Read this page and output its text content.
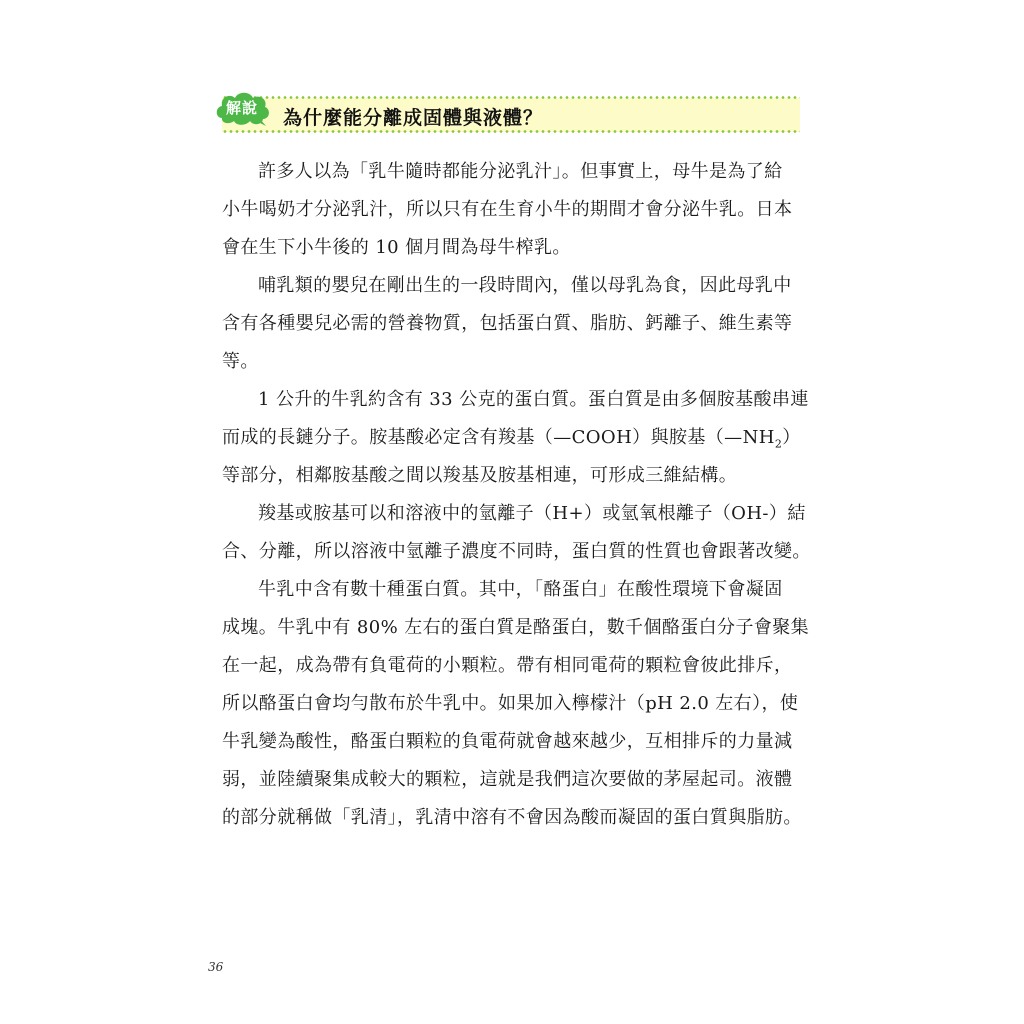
解說	為什麼能分離成固體與液體？
許多人以為「乳牛隨時都能分泌乳汁」。但事實上，母牛是為了給
小牛喝奶才分泌乳汁，所以只有在生育小牛的期間才會分泌牛乳。日本
會在生下小牛後的 10 個月間為母牛榨乳。
哺乳類的嬰兒在剛出生的一段時間內，僅以母乳為食，因此母乳中
含有各種嬰兒必需的營養物質，包括蛋白質、脂肪、鈣離子、維生素等
等。
1 公升的牛乳約含有 33 公克的蛋白質。蛋白質是由多個胺基酸串連
而成的長鏈分子。胺基酸必定含有羧基（—COOH）與胺基$(—NH_2)$
等部分，相鄰胺基酸之間以羧基及胺基相連，可形成三維結構。
羧基或胺基可以和溶液中的氫離子（H+）或氫氧根離子（OH-）結
合、分離，所以溶液中氫離子濃度不同時，蛋白質的性質也會跟著改變。
牛乳中含有數十種蛋白質。其中，「酪蛋白」在酸性環境下會凝固
成塊。牛乳中有 80% 左右的蛋白質是酪蛋白，數千個酪蛋白分子會聚集
在一起，成為帶有負電荷的小顆粒。帶有相同電荷的顆粒會彼此排斥，
所以酪蛋白會均勻散布於牛乳中。如果加入檸檬汁（pH 2.0 左右），使
牛乳變為酸性，酪蛋白顆粒的負電荷就會越來越少，互相排斥的力量減
弱，並陸續聚集成較大的顆粒，這就是我們這次要做的茅屋起司。液體
的部分就稱做「乳清」，乳清中溶有不會因為酸而凝固的蛋白質與脂肪。
36
